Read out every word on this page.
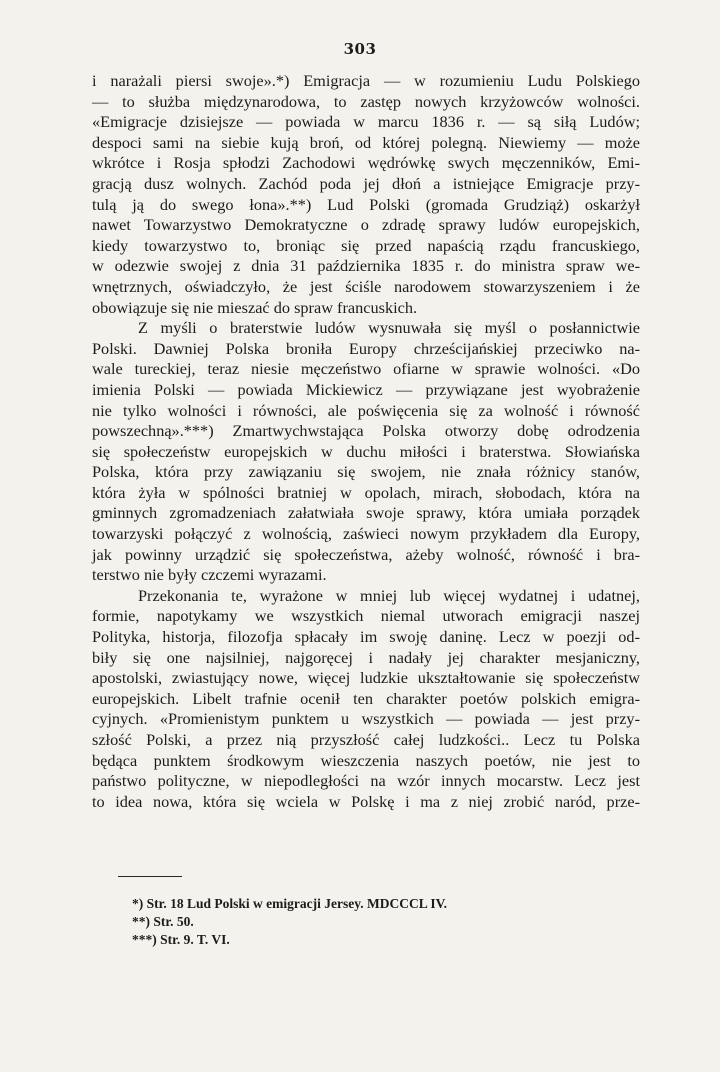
303

i narażali piersi swoje».*) Emigracja — w rozumieniu Ludu Polskiego

— to służba międzynarodowa, to zastęp nowych krzyżowców wolności.

«Emigracje dzisiejsze — powiada w marcu 1836 r. — są siłą Ludów;

despoci sami na siebie kują broń, od której polegną. Niewiemy — może

wkrótce i Rosja spłodzi Zachodowi wędrówkę swych męczenników, Emi-

gracją dusz wolnych. Zachód poda jej dłoń a istniejące Emigracje przy-

tulą ją do swego łona».**) Lud Polski (gromada Grudziąż) oskarżył

nawet Towarzystwo Demokratyczne o zdradę sprawy ludów europejskich,

kiedy towarzystwo to, broniąc się przed napaścią rządu francuskiego,

w odezwie swojej z dnia 31 października 1835 r. do ministra spraw we-

wnętrznych, oświadczyło, że jest ściśle narodowem stowarzyszeniem i że

obowiązuje się nie mieszać do spraw francuskich.

Z myśli o braterstwie ludów wysnuwała się myśl o posłannictwie

Polski. Dawniej Polska broniła Europy chrześcijańskiej przeciwko na-

wale tureckiej, teraz niesie męczeństwo ofiarne w sprawie wolności. «Do

imienia Polski — powiada Mickiewicz — przywiązane jest wyobrażenie

nie tylko wolności i równości, ale poświęcenia się za wolność i równość

powszechną».***) Zmartwychwstająca Polska otworzy dobę odrodzenia

się społeczeństw europejskich w duchu miłości i braterstwa. Słowiańska

Polska, która przy zawiązaniu się swojem, nie znała różnicy stanów,

która żyła w spólności bratniej w opolach, mirach, słobodach, która na

gminnych zgromadzeniach załatwiała swoje sprawy, która umiała porządek

towarzyski połączyć z wolnością, zaświeci nowym przykładem dla Europy,

jak powinny urządzić się społeczeństwa, ażeby wolność, równość i bra-

terstwo nie były czczemi wyrazami.

Przekonania te, wyrażone w mniej lub więcej wydatnej i udatnej,

formie, napotykamy we wszystkich niemal utworach emigracji naszej

Polityka, historja, filozofja spłacały im swoję daninę. Lecz w poezji od-

biły się one najsilniej, najgoręcej i nadały jej charakter mesjaniczny,

apostolski, zwiastujący nowe, więcej ludzkie ukształtowanie się społeczeństw

europejskich. Libelt trafnie ocenił ten charakter poetów polskich emigra-

cyjnych. «Promienistym punktem u wszystkich — powiada — jest przy-

szłość Polski, a przez nią przyszłość całej ludzkości.. Lecz tu Polska

będąca punktem środkowym wieszczenia naszych poetów, nie jest to

państwo polityczne, w niepodległości na wzór innych mocarstw. Lecz jest

to idea nowa, która się wciela w Polskę i ma z niej zrobić naród, prze-

*) Str. 18 Lud Polski w emigracji Jersey. MDCCCL IV.
**) Str. 50.
***) Str. 9. T. VI.
